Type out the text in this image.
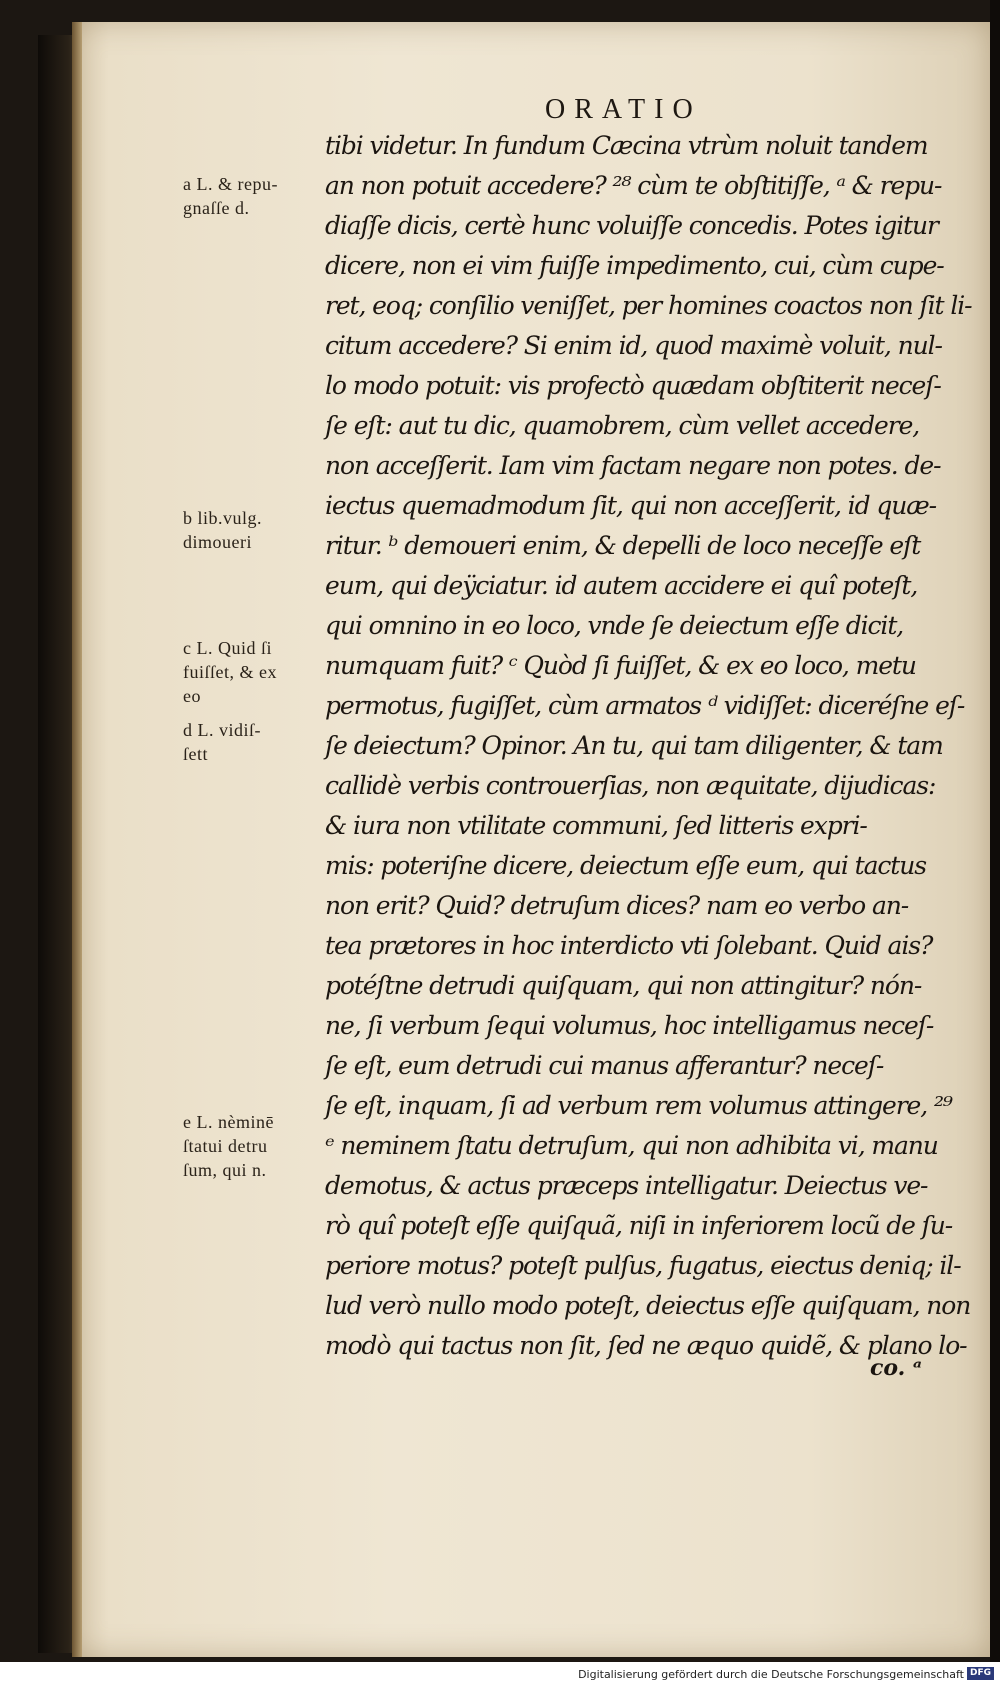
ORATIO
tibi videtur. In fundum Cæcina vtrùm noluit tandem
an non potuit accedere? ²⁸ cùm te obſtitiſſe, ᵃ & repu-
diaſſe dicis, certè hunc voluiſſe concedis. Potes igitur
dicere, non ei vim fuiſſe impedimento, cui, cùm cupe-
ret, eoq; conſilio veniſſet, per homines coactos non ſit li-
citum accedere? Si enim id, quod maximè voluit, nul-
lo modo potuit: vis profectò quædam obſtiterit neceſ-
ſe eſt: aut tu dic, quamobrem, cùm vellet accedere,
non acceſſerit. Iam vim factam negare non potes. de-
iectus quemadmodum ſit, qui non acceſſerit, id quæ-
ritur. ᵇ demoueri enim, & depelli de loco neceſſe eſt
eum, qui deÿciatur. id autem accidere ei quî poteſt,
qui omnino in eo loco, vnde ſe deiectum eſſe dicit,
numquam fuit? ᶜ Quòd ſi fuiſſet, & ex eo loco, metu
permotus, fugiſſet, cùm armatos ᵈ vidiſſet: diceréſne eſ-
ſe deiectum? Opinor. An tu, qui tam diligenter, & tam
callidè verbis controuerſias, non æquitate, dijudicas:
& iura non vtilitate communi, ſed litteris expri-
mis: poteriſne dicere, deiectum eſſe eum, qui tactus
non erit? Quid? detruſum dices? nam eo verbo an-
tea prætores in hoc interdicto vti ſolebant. Quid ais?
potéſtne detrudi quiſquam, qui non attingitur? nón-
ne, ſi verbum ſequi volumus, hoc intelligamus neceſ-
ſe eſt, eum detrudi cui manus afferantur? neceſ-
ſe eſt, inquam, ſi ad verbum rem volumus attingere, ²⁹
ᵉ neminem ſtatu detruſum, qui non adhibita vi, manu
demotus, & actus præceps intelligatur. Deiectus ve-
rò quî poteſt eſſe quiſquã, niſi in inferiorem locũ de ſu-
periore motus? poteſt pulſus, fugatus, eiectus deniq; il-
lud verò nullo modo poteſt, deiectus eſſe quiſquam, non
modò qui tactus non ſit, ſed ne æquo quidẽ, & plano lo-
a L. & repu-
gnaſſe d.
b lib.vulg.
dimoueri
c L. Quid ſi
fuiſſet, & ex
eo
d L. vidiſ-
ſett
e L. nèminē
ſtatui detru
ſum, qui n.
co. ᵃ
Digitalisierung gefördert durch die Deutsche Forschungsgemeinschaft DFG
